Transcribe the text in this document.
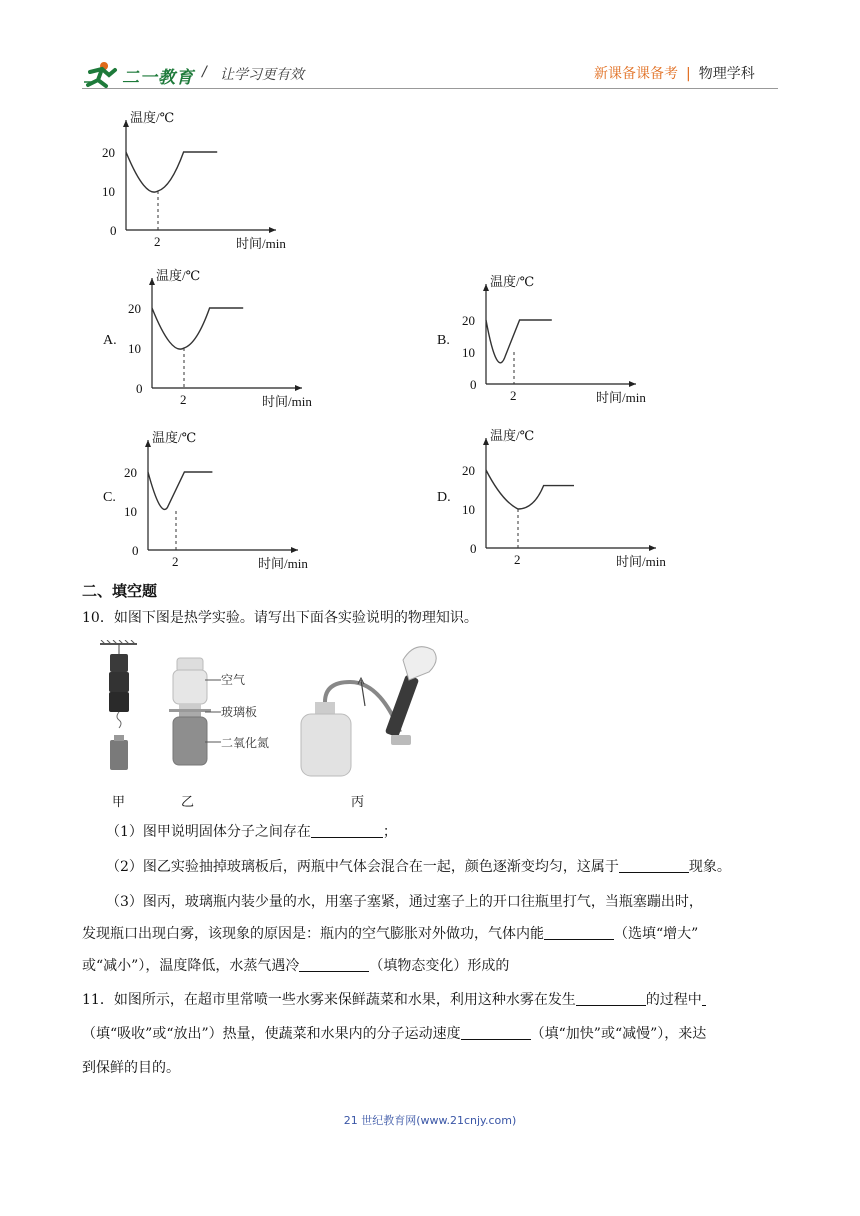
二一教育 / 让学习更有效	新课备课备考 | 物理学科
温度/℃
时间/min
0
10
20
2
A.
温度/℃
时间/min
0
10
20
2
B.
温度/℃
时间/min
0
10
20
2
C.
温度/℃
时间/min
0
10
20
2
D.
温度/℃
时间/min
0
10
20
2
二、填空题
10．如图下图是热学实验。请写出下面各实验说明的物理知识。
空气
玻璃板
二氧化氮
甲	乙	丙
（1）图甲说明固体分子之间存在	；
（2）图乙实验抽掉玻璃板后，两瓶中气体会混合在一起，颜色逐渐变均匀，这属于	现象。
（3）图丙，玻璃瓶内装少量的水，用塞子塞紧，通过塞子上的开口往瓶里打气，当瓶塞蹦出时，
发现瓶口出现白雾，该现象的原因是：瓶内的空气膨胀对外做功，气体内能	（选填“增大”
或“减小”），温度降低，水蒸气遇冷	（填物态变化）形成的
11．如图所示，在超市里常喷一些水雾来保鲜蔬菜和水果，利用这种水雾在发生	的过程中
（填“吸收”或“放出”）热量，使蔬菜和水果内的分子运动速度	（填“加快”或“减慢”），来达
到保鲜的目的。
21 世纪教育网(www.21cnjy.com)
